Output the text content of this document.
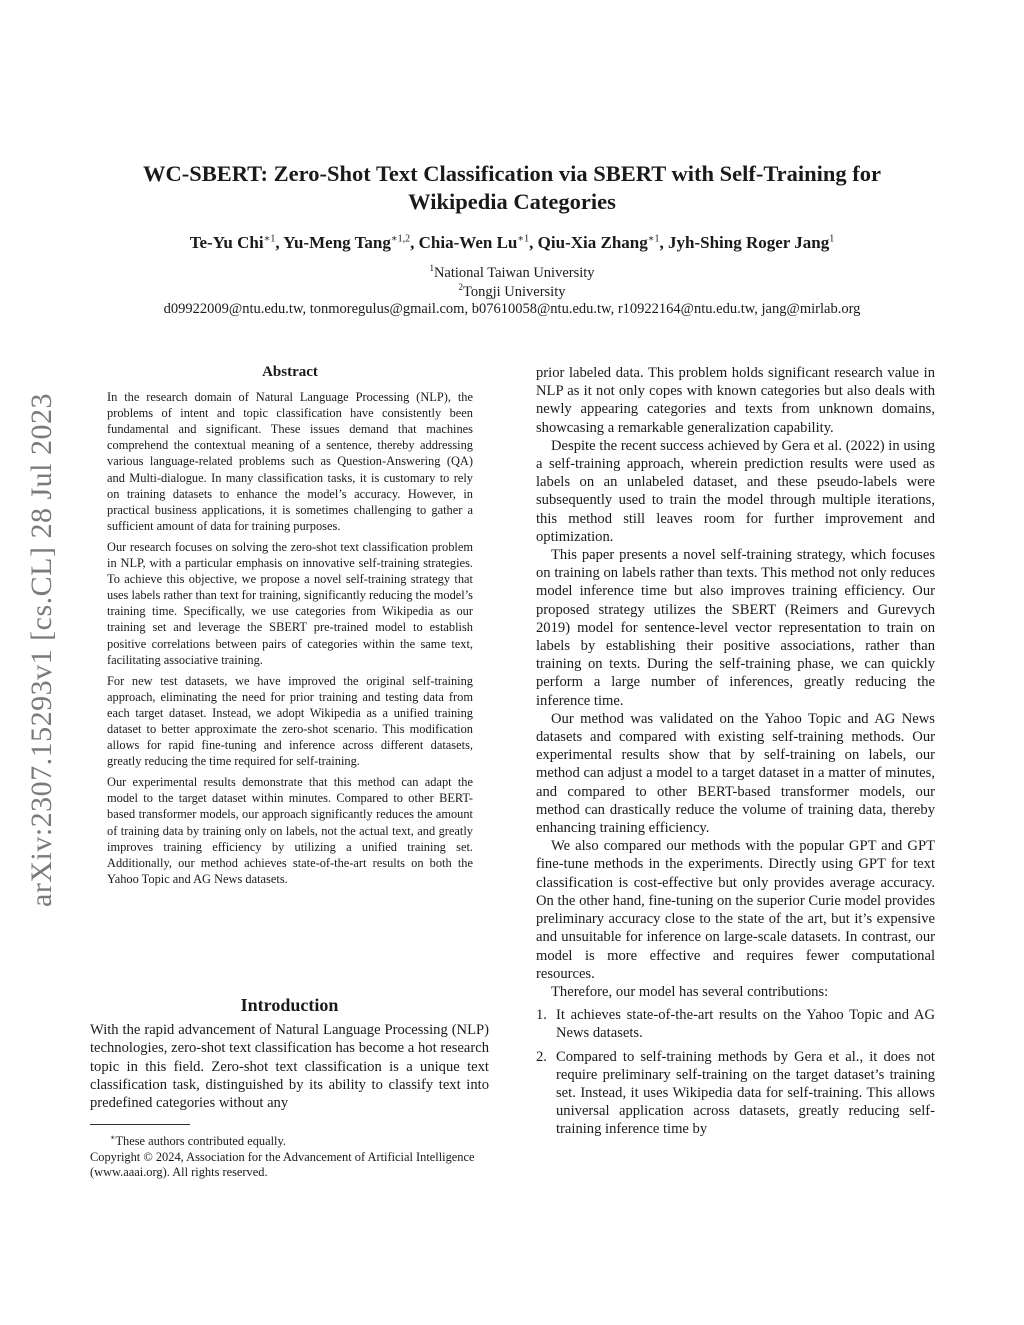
arXiv:2307.15293v1 [cs.CL] 28 Jul 2023
WC-SBERT: Zero-Shot Text Classification via SBERT with Self-Training for Wikipedia Categories
Te-Yu Chi$^{∗1}$, Yu-Meng Tang$^{∗1,2}$, Chia-Wen $Lu^{∗1}$, Qiu-Xia Zhang$^{∗1}$, Jyh-Shing Roger Jang$^1$
$^1$National Taiwan University
$^2$Tongji University
d09922009@ntu.edu.tw, tonmoregulus@gmail.com, b07610058@ntu.edu.tw, r10922164@ntu.edu.tw, jang@mirlab.org
Abstract

In the research domain of Natural Language Processing (NLP), the problems of intent and topic classification have consistently been fundamental and significant. These issues demand that machines comprehend the contextual meaning of a sentence, thereby addressing various language-related problems such as Question-Answering (QA) and Multi-dialogue. In many classification tasks, it is customary to rely on training datasets to enhance the model’s accuracy. However, in practical business applications, it is sometimes challenging to gather a sufficient amount of data for training purposes.

Our research focuses on solving the zero-shot text classification problem in NLP, with a particular emphasis on innovative self-training strategies. To achieve this objective, we propose a novel self-training strategy that uses labels rather than text for training, significantly reducing the model’s training time. Specifically, we use categories from Wikipedia as our training set and leverage the SBERT pre-trained model to establish positive correlations between pairs of categories within the same text, facilitating associative training.

For new test datasets, we have improved the original self-training approach, eliminating the need for prior training and testing data from each target dataset. Instead, we adopt Wikipedia as a unified training dataset to better approximate the zero-shot scenario. This modification allows for rapid fine-tuning and inference across different datasets, greatly reducing the time required for self-training.

Our experimental results demonstrate that this method can adapt the model to the target dataset within minutes. Compared to other BERT-based transformer models, our approach significantly reduces the amount of training data by training only on labels, not the actual text, and greatly improves training efficiency by utilizing a unified training set. Additionally, our method achieves state-of-the-art results on both the Yahoo Topic and AG News datasets.

Introduction

With the rapid advancement of Natural Language Processing (NLP) technologies, zero-shot text classification has become a hot research topic in this field. Zero-shot text classification is a unique text classification task, distinguished by its ability to classify text into predefined categories without any

∗These authors contributed equally.
Copyright © 2024, Association for the Advancement of Artificial Intelligence (www.aaai.org). All rights reserved.

prior labeled data. This problem holds significant research value in NLP as it not only copes with known categories but also deals with newly appearing categories and texts from unknown domains, showcasing a remarkable generalization capability.

Despite the recent success achieved by Gera et al. (2022) in using a self-training approach, wherein prediction results were used as labels on an unlabeled dataset, and these pseudo-labels were subsequently used to train the model through multiple iterations, this method still leaves room for further improvement and optimization.

This paper presents a novel self-training strategy, which focuses on training on labels rather than texts. This method not only reduces model inference time but also improves training efficiency. Our proposed strategy utilizes the SBERT (Reimers and Gurevych 2019) model for sentence-level vector representation to train on labels by establishing their positive associations, rather than training on texts. During the self-training phase, we can quickly perform a large number of inferences, greatly reducing the inference time.

Our method was validated on the Yahoo Topic and AG News datasets and compared with existing self-training methods. Our experimental results show that by self-training on labels, our method can adjust a model to a target dataset in a matter of minutes, and compared to other BERT-based transformer models, our method can drastically reduce the volume of training data, thereby enhancing training efficiency.

We also compared our methods with the popular GPT and GPT fine-tune methods in the experiments. Directly using GPT for text classification is cost-effective but only provides average accuracy. On the other hand, fine-tuning on the superior Curie model provides preliminary accuracy close to the state of the art, but it’s expensive and unsuitable for inference on large-scale datasets. In contrast, our model is more effective and requires fewer computational resources.

Therefore, our model has several contributions:

1. It achieves state-of-the-art results on the Yahoo Topic and AG News datasets.
2. Compared to self-training methods by Gera et al., it does not require preliminary self-training on the target dataset’s training set. Instead, it uses Wikipedia data for self-training. This allows universal application across datasets, greatly reducing self-training inference time by
